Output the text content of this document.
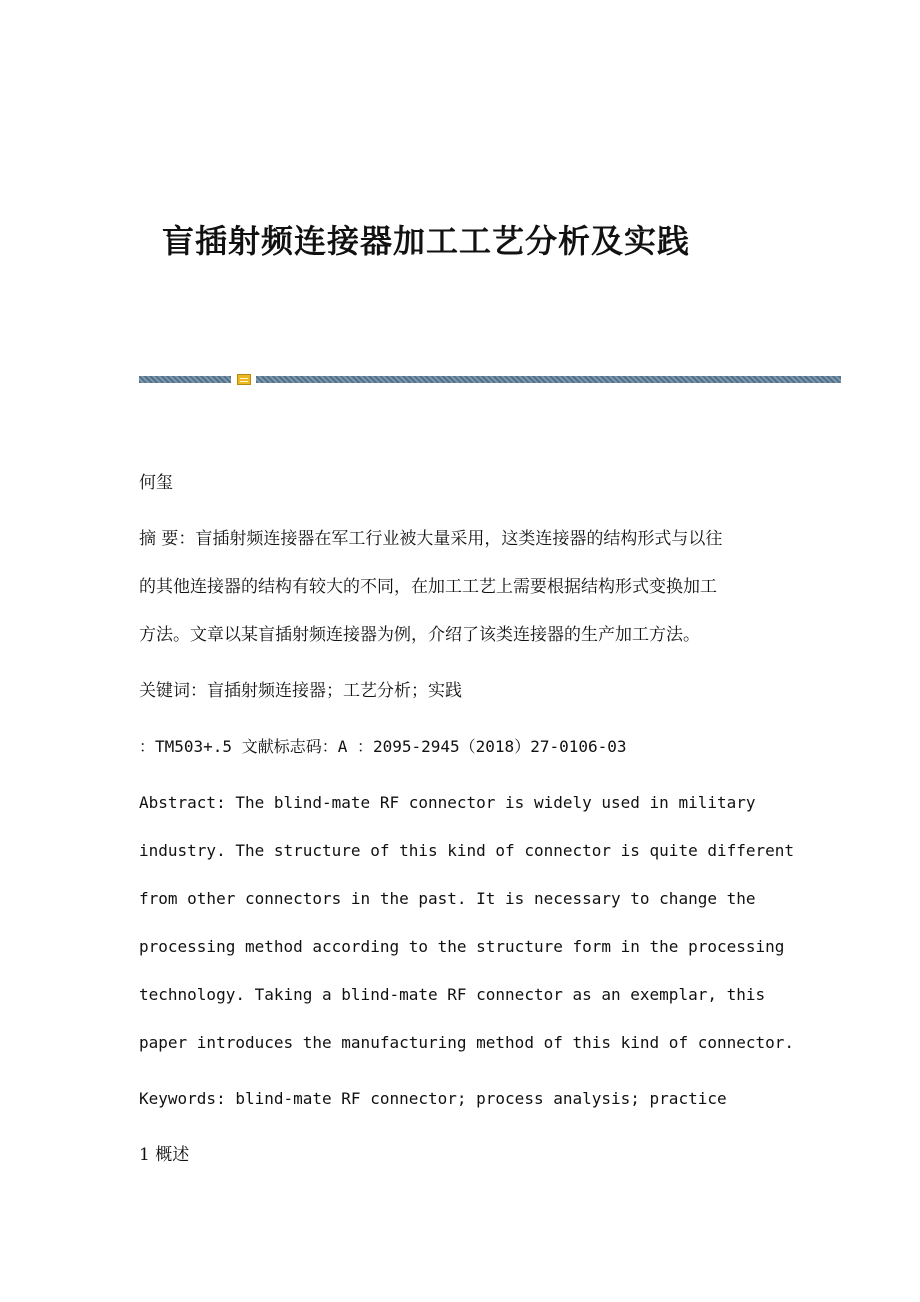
盲插射频连接器加工工艺分析及实践
何玺
摘 要：盲插射频连接器在军工行业被大量采用，这类连接器的结构形式与以往
的其他连接器的结构有较大的不同，在加工工艺上需要根据结构形式变换加工
方法。文章以某盲插射频连接器为例，介绍了该类连接器的生产加工方法。
关键词：盲插射频连接器；工艺分析；实践
：TM503+.5 文献标志码：A ：2095-2945（2018）27-0106-03
Abstract: The blind-mate RF connector is widely used in military
industry. The structure of this kind of connector is quite different
from other connectors in the past. It is necessary to change the
processing method according to the structure form in the processing
technology. Taking a blind-mate RF connector as an exemplar, this
paper introduces the manufacturing method of this kind of connector.
Keywords: blind-mate RF connector; process analysis; practice
1 概述
